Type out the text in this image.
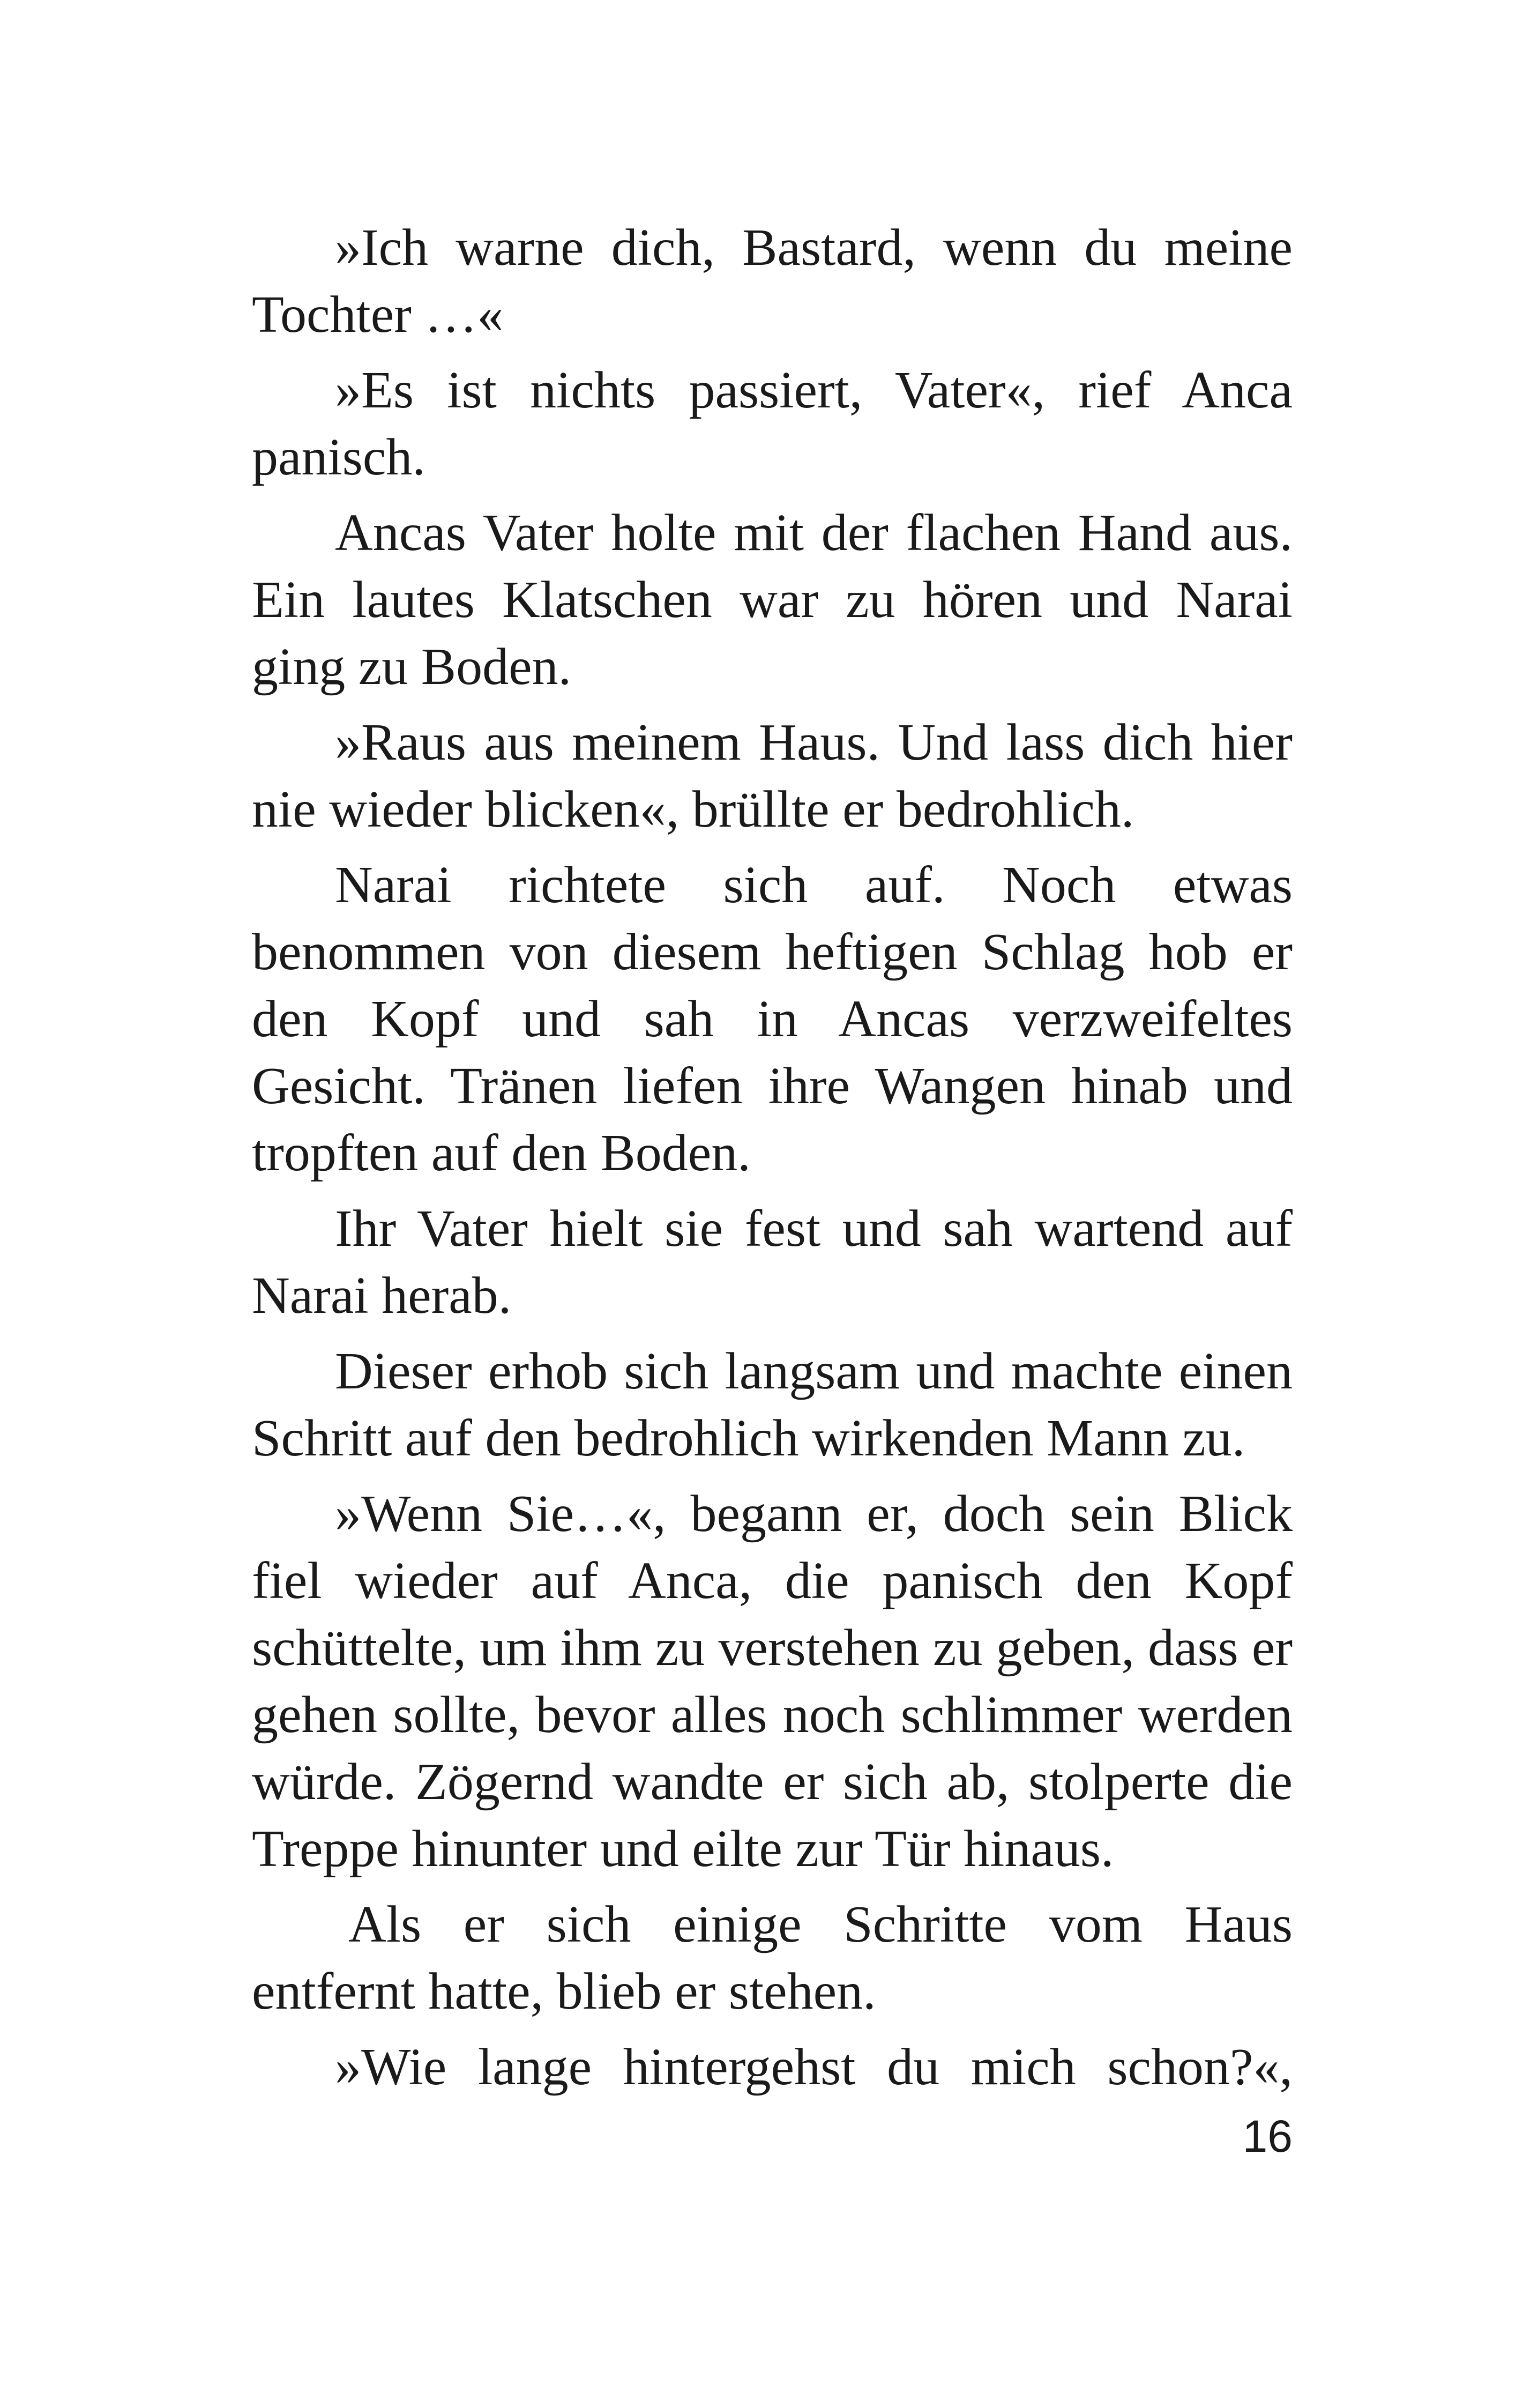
»Ich warne dich, Bastard, wenn du meine Tochter …«

»Es ist nichts passiert, Vater«, rief Anca panisch.

Ancas Vater holte mit der flachen Hand aus. Ein lautes Klatschen war zu hören und Narai ging zu Boden.

»Raus aus meinem Haus. Und lass dich hier nie wieder blicken«, brüllte er bedrohlich.

Narai richtete sich auf. Noch etwas benommen von diesem heftigen Schlag hob er den Kopf und sah in Ancas verzweifeltes Gesicht. Tränen liefen ihre Wangen hinab und tropften auf den Boden.

Ihr Vater hielt sie fest und sah wartend auf Narai herab.

Dieser erhob sich langsam und machte einen Schritt auf den bedrohlich wirkenden Mann zu.

»Wenn Sie…«, begann er, doch sein Blick fiel wieder auf Anca, die panisch den Kopf schüttelte, um ihm zu verstehen zu geben, dass er gehen sollte, bevor alles noch schlimmer werden würde. Zögernd wandte er sich ab, stolperte die Treppe hinunter und eilte zur Tür hinaus.

Als er sich einige Schritte vom Haus entfernt hatte, blieb er stehen.

»Wie lange hintergehst du mich schon?«,

16
